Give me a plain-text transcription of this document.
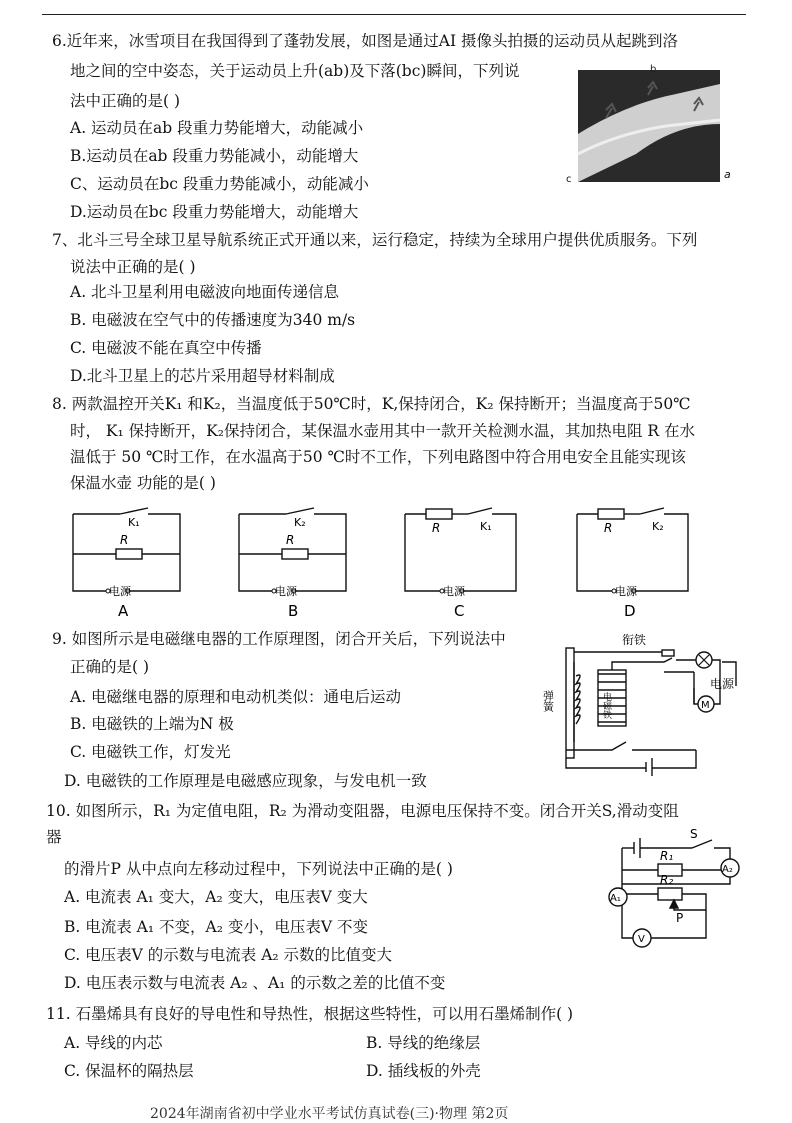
6.近年来，冰雪项目在我国得到了蓬勃发展，如图是通过AI 摄像头拍摄的运动员从起跳到洛
地之间的空中姿态，关于运动员上升(ab)及下落(bc)瞬间，下列说
法中正确的是( )
A. 运动员在ab 段重力势能增大，动能减小
B.运动员在ab 段重力势能减小，动能增大
C、运动员在bc 段重力势能减小，动能减小
D.运动员在bc 段重力势能增大，动能增大
b
a
c
7、北斗三号全球卫星导航系统正式开通以来，运行稳定，持续为全球用户提供优质服务。下列
说法中正确的是( )
A. 北斗卫星利用电磁波向地面传递信息
B. 电磁波在空气中的传播速度为340 m/s
C. 电磁波不能在真空中传播
D.北斗卫星上的芯片采用超导材料制成
8. 两款温控开关K₁ 和K₂，当温度低于50℃时，K,保持闭合，K₂ 保持断开；当温度高于50℃
时， K₁ 保持断开，K₂保持闭合，某保温水壶用其中一款开关检测水温，其加热电阻 R 在水
温低于 50 ℃时工作，在水温高于50 ℃时不工作，下列电路图中符合用电安全且能实现该
保温水壶 功能的是( )
K₁
R
电源
A
K₂
R
电源
B
R	K₁
电源
C
R	K₂
电源
D
9. 如图所示是电磁继电器的工作原理图，闭合开关后，下列说法中
正确的是( )
A. 电磁继电器的原理和电动机类似：通电后运动
B. 电磁铁的上端为N 极
C. 电磁铁工作，灯发光
D. 电磁铁的工作原理是电磁感应现象，与发电机一致
M
衔铁
弹簧	电磁铁
电源
10. 如图所示，R₁ 为定值电阻，R₂ 为滑动变阻器，电源电压保持不变。闭合开关S,滑动变阻
器
的滑片P 从中点向左移动过程中，下列说法中正确的是( )
A. 电流表 A₁ 变大，A₂ 变大，电压表V 变大
B. 电流表 A₁ 不变，A₂ 变小，电压表V 不变
C. 电压表V 的示数与电流表 A₂ 示数的比值变大
D. 电压表示数与电流表 A₂ 、A₁ 的示数之差的比值不变
S
R₁
R₂
A₂
A₁
V
P
11. 石墨烯具有良好的导电性和导热性，根据这些特性，可以用石墨烯制作( )
A. 导线的内芯	B. 导线的绝缘层
C. 保温杯的隔热层	D. 插线板的外壳
2024年湖南省初中学业水平考试仿真试卷(三)·物理 第2页
